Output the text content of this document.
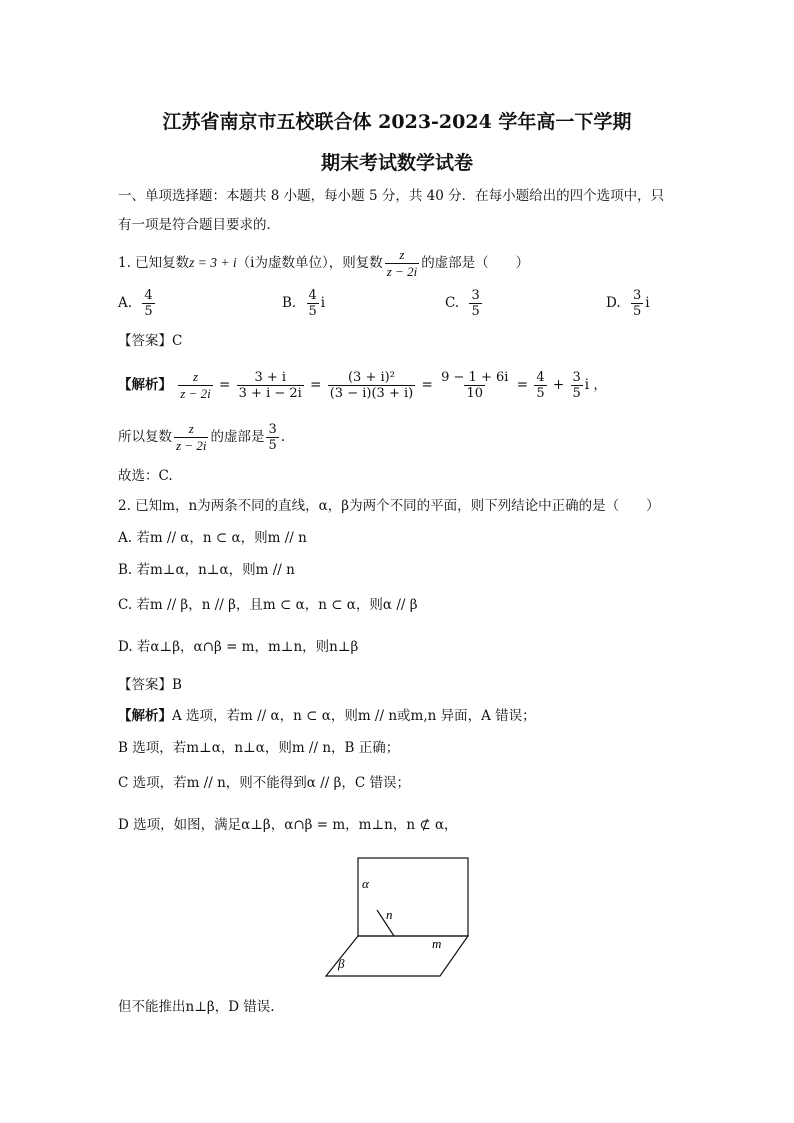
江苏省南京市五校联合体 2023-2024 学年高一下学期
期末考试数学试卷
一、单项选择题：本题共 8 小题，每小题 5 分，共 40 分．在每小题给出的四个选项中，只
有一项是符合题目要求的．
1. 已知复数z = 3 + i（i为虚数单位），则复数 $\frac{z}{z - 2i}$ 的虚部是（　　）
A. $\frac{4}{5}$	B. $\frac{4}{5}$ i	C. $\frac{3}{5}$	D. $\frac{3}{5}$ i
【答案】C
【解析】 $\frac{z}{z - 2i} = \frac{3 + i}{3 + i - 2i} = \frac{\text{(3 + i)²}}{(3 - i)(3 + i)} = \frac{9 - 1 + 6i}{10} = \frac{4}{5} + \frac{3}{5}$ i ，
所以复数 $\frac{z}{z - 2i}$ 的虚部是 $\frac{3}{5}$ .
故选：C.
2. 已知m，n为两条不同的直线，α，β为两个不同的平面，则下列结论中正确的是（　　）
A. 若m // α，n ⊂ α，则m // n
B. 若m⊥α，n⊥α，则m // n
C. 若m // β，n // β，且m ⊂ α，n ⊂ α，则α // β
D. 若α⊥β，α∩β = m，m⊥n，则n⊥β
【答案】B
【解析】A 选项，若m // α，n ⊂ α，则m // n或m,n 异面，A 错误；
B 选项，若m⊥α，n⊥α，则m // n，B 正确；
C 选项，若m // n，则不能得到α // β，C 错误；
D 选项，如图，满足α⊥β，α∩β = m，m⊥n，n ⊄ α，
α
n
m
β
但不能推出n⊥β，D 错误.
